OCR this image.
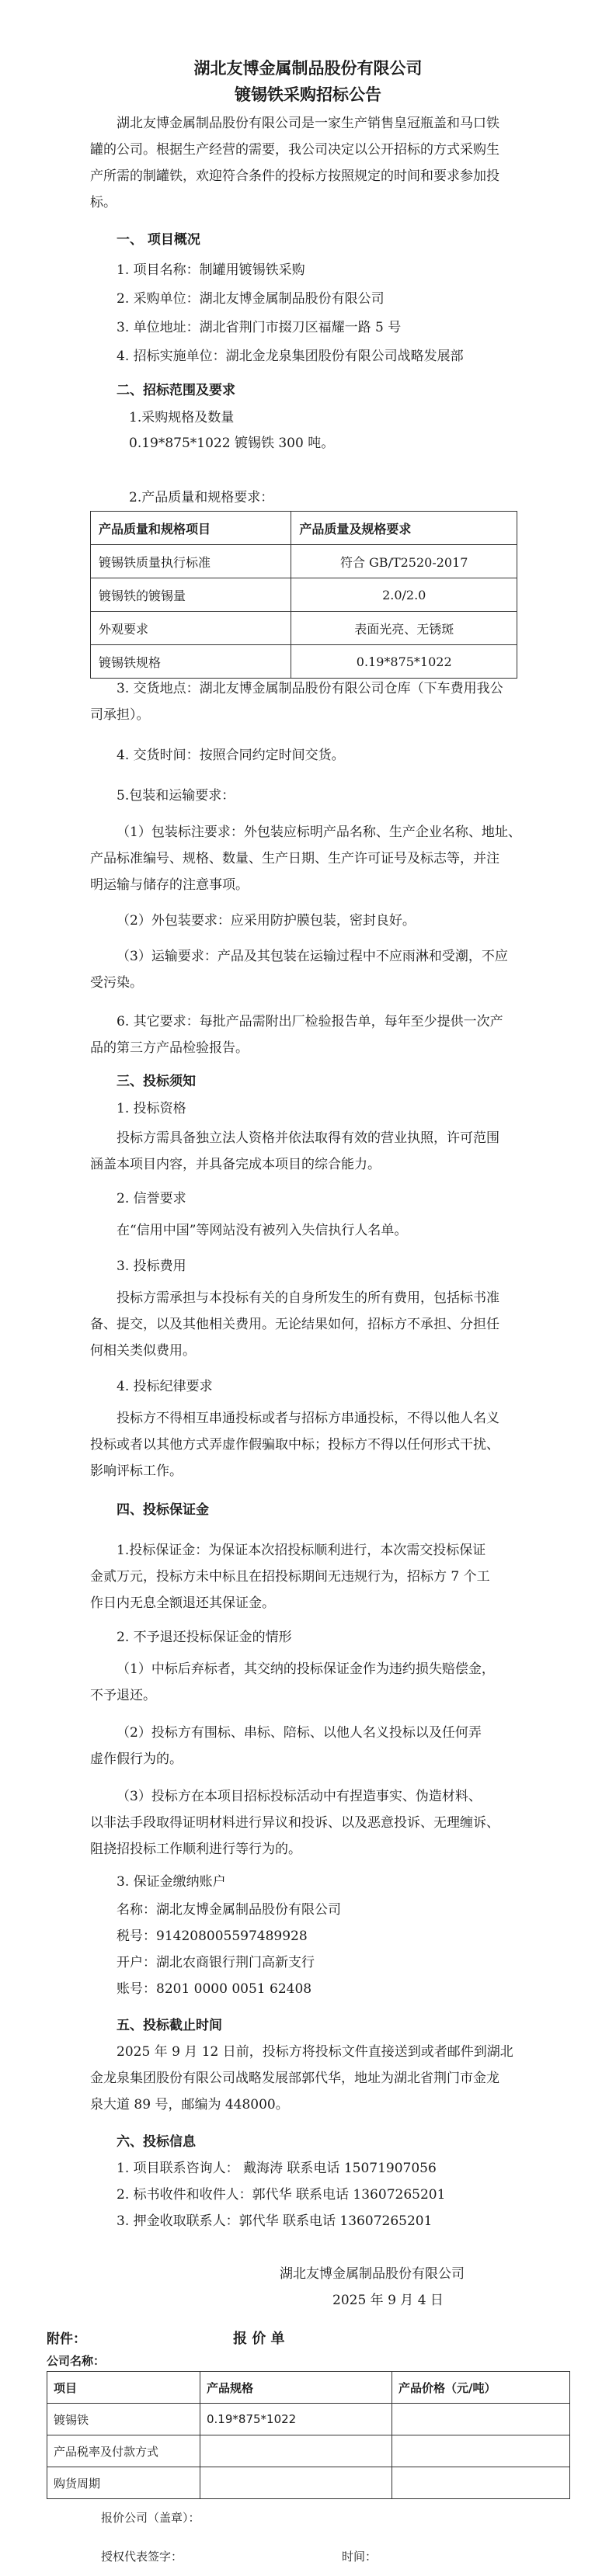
湖北友博金属制品股份有限公司
镀锡铁采购招标公告
湖北友博金属制品股份有限公司是一家生产销售皇冠瓶盖和马口铁
罐的公司。根据生产经营的需要，我公司决定以公开招标的方式采购生
产所需的制罐铁，欢迎符合条件的投标方按照规定的时间和要求参加投
标。
一、 项目概况
1. 项目名称：制罐用镀锡铁采购
2. 采购单位：湖北友博金属制品股份有限公司
3. 单位地址：湖北省荆门市掇刀区福耀一路 5 号
4. 招标实施单位：湖北金龙泉集团股份有限公司战略发展部
二、招标范围及要求
1.采购规格及数量
0.19*875*1022 镀锡铁 300 吨。
2.产品质量和规格要求：
产品质量和规格项目	产品质量及规格要求
镀锡铁质量执行标准	符合 GB/T2520-2017
镀锡铁的镀锡量	2.0/2.0
外观要求	表面光亮、无锈斑
镀锡铁规格	0.19*875*1022
3. 交货地点：湖北友博金属制品股份有限公司仓库（下车费用我公
司承担）。
4. 交货时间：按照合同约定时间交货。
5.包装和运输要求：
（1）包装标注要求：外包装应标明产品名称、生产企业名称、地址、
产品标准编号、规格、数量、生产日期、生产许可证号及标志等，并注
明运输与储存的注意事项。
（2）外包装要求：应采用防护膜包装，密封良好。
（3）运输要求：产品及其包装在运输过程中不应雨淋和受潮，不应
受污染。
6. 其它要求：每批产品需附出厂检验报告单，每年至少提供一次产
品的第三方产品检验报告。
三、投标须知
1. 投标资格
投标方需具备独立法人资格并依法取得有效的营业执照，许可范围
涵盖本项目内容，并具备完成本项目的综合能力。
2. 信誉要求
在“信用中国”等网站没有被列入失信执行人名单。
3. 投标费用
投标方需承担与本投标有关的自身所发生的所有费用，包括标书准
备、提交，以及其他相关费用。无论结果如何，招标方不承担、分担任
何相关类似费用。
4. 投标纪律要求
投标方不得相互串通投标或者与招标方串通投标，不得以他人名义
投标或者以其他方式弄虚作假骗取中标；投标方不得以任何形式干扰、
影响评标工作。
四、投标保证金
1.投标保证金：为保证本次招投标顺利进行，本次需交投标保证
金贰万元，投标方未中标且在招投标期间无违规行为，招标方 7 个工
作日内无息全额退还其保证金。
2. 不予退还投标保证金的情形
（1）中标后弃标者，其交纳的投标保证金作为违约损失赔偿金，
不予退还。
（2）投标方有围标、串标、陪标、以他人名义投标以及任何弄
虚作假行为的。
（3）投标方在本项目招标投标活动中有捏造事实、伪造材料、
以非法手段取得证明材料进行异议和投诉、以及恶意投诉、无理缠诉、
阻挠招投标工作顺利进行等行为的。
3. 保证金缴纳账户
名称：湖北友博金属制品股份有限公司
税号：914208005597489928
开户：湖北农商银行荆门高新支行
账号：8201 0000 0051 62408
五、投标截止时间
2025 年 9 月 12 日前，投标方将投标文件直接送到或者邮件到湖北
金龙泉集团股份有限公司战略发展部郭代华，地址为湖北省荆门市金龙
泉大道 89 号，邮编为 448000。
六、投标信息
1. 项目联系咨询人： 戴海涛 联系电话 15071907056
2. 标书收件和收件人：郭代华 联系电话 13607265201
3. 押金收取联系人：郭代华 联系电话 13607265201
湖北友博金属制品股份有限公司
2025 年 9 月 4 日
附件：	报 价 单
公司名称：
项目	产品规格	产品价格（元/吨）
镀锡铁	0.19*875*1022	
产品税率及付款方式		
购货周期		
报价公司（盖章）：
授权代表签字：	时间：
